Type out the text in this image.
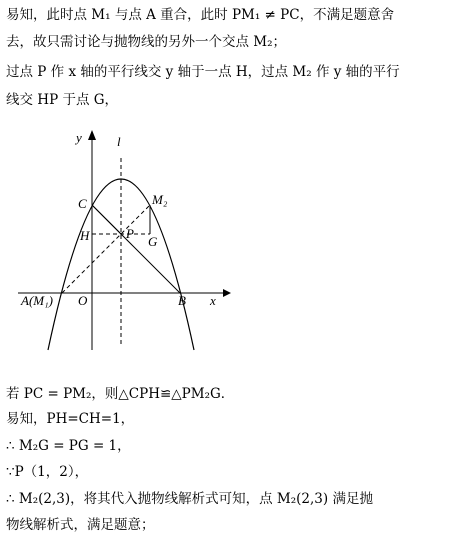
易知，此时点 M₁ 与点 A 重合，此时 PM₁ ≠ PC，不满足题意舍
去，故只需讨论与抛物线的另外一个交点 M₂；
过点 P 作 x 轴的平行线交 y 轴于一点 H，过点 M₂ 作 y 轴的平行
线交 HP 于点 G，
y	l
M₂
C
H	P
G
A(M₁) O	B x
若 PC = PM₂，则△CPH≌△PM₂G．
易知，PH=CH=1，
∴ M₂G = PG = 1，
∵P（1，2），
∴ M₂(2,3)，将其代入抛物线解析式可知，点 M₂(2,3) 满足抛
物线解析式，满足题意；
